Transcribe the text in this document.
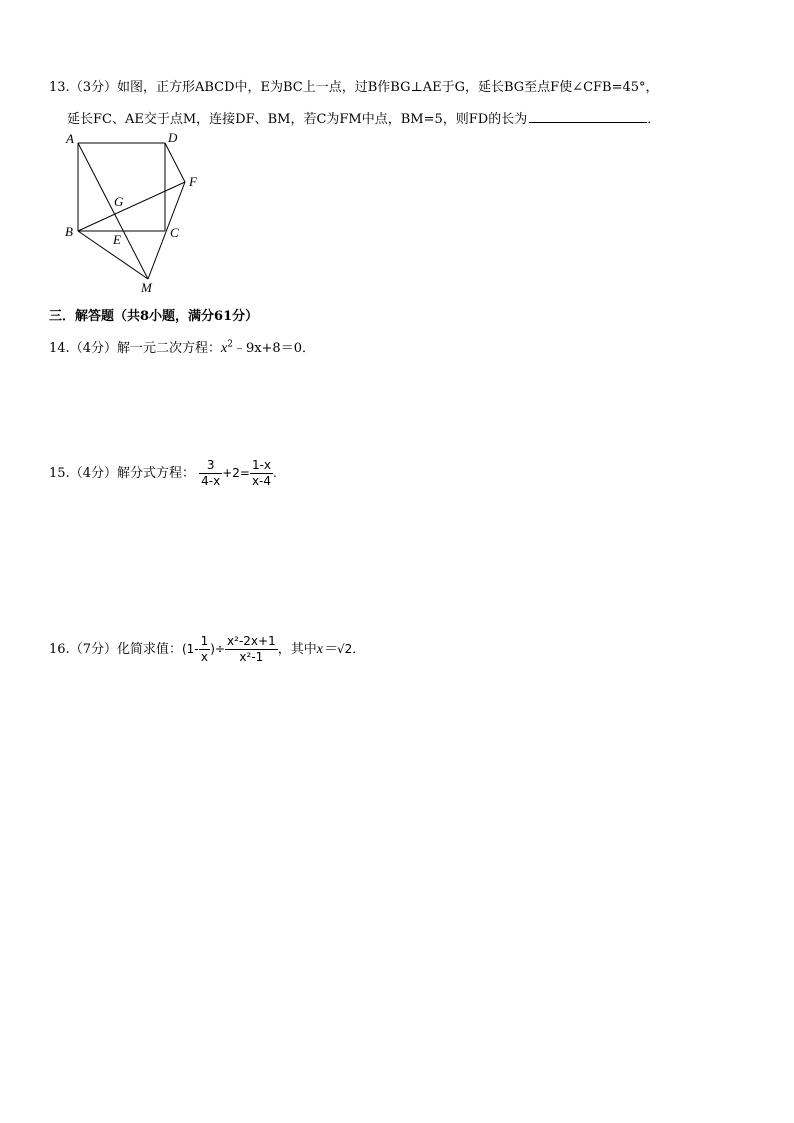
13.（3分）如图，正方形ABCD中，E为BC上一点，过B作BG⊥AE于G，延长BG至点F使∠CFB=45°，
延长FC、AE交于点M，连接DF、BM，若C为FM中点，BM=5，则FD的长为	．
A	D
F
G
B
E	C
M
三．解答题（共8小题，满分61分）
14.（4分）解一元二次方程：$x^2﹣9x+8=0$．
15.（4分）解分式方程： $\frac{3}{4-x} +2= \frac{1-x}{x-4}$ .
16.（7分）化简求值：($1- \frac{1}{x}$ )÷ $\frac{\text{x²-2x+1}}{\text{x²-1}}$ ，其中x＝√2．
